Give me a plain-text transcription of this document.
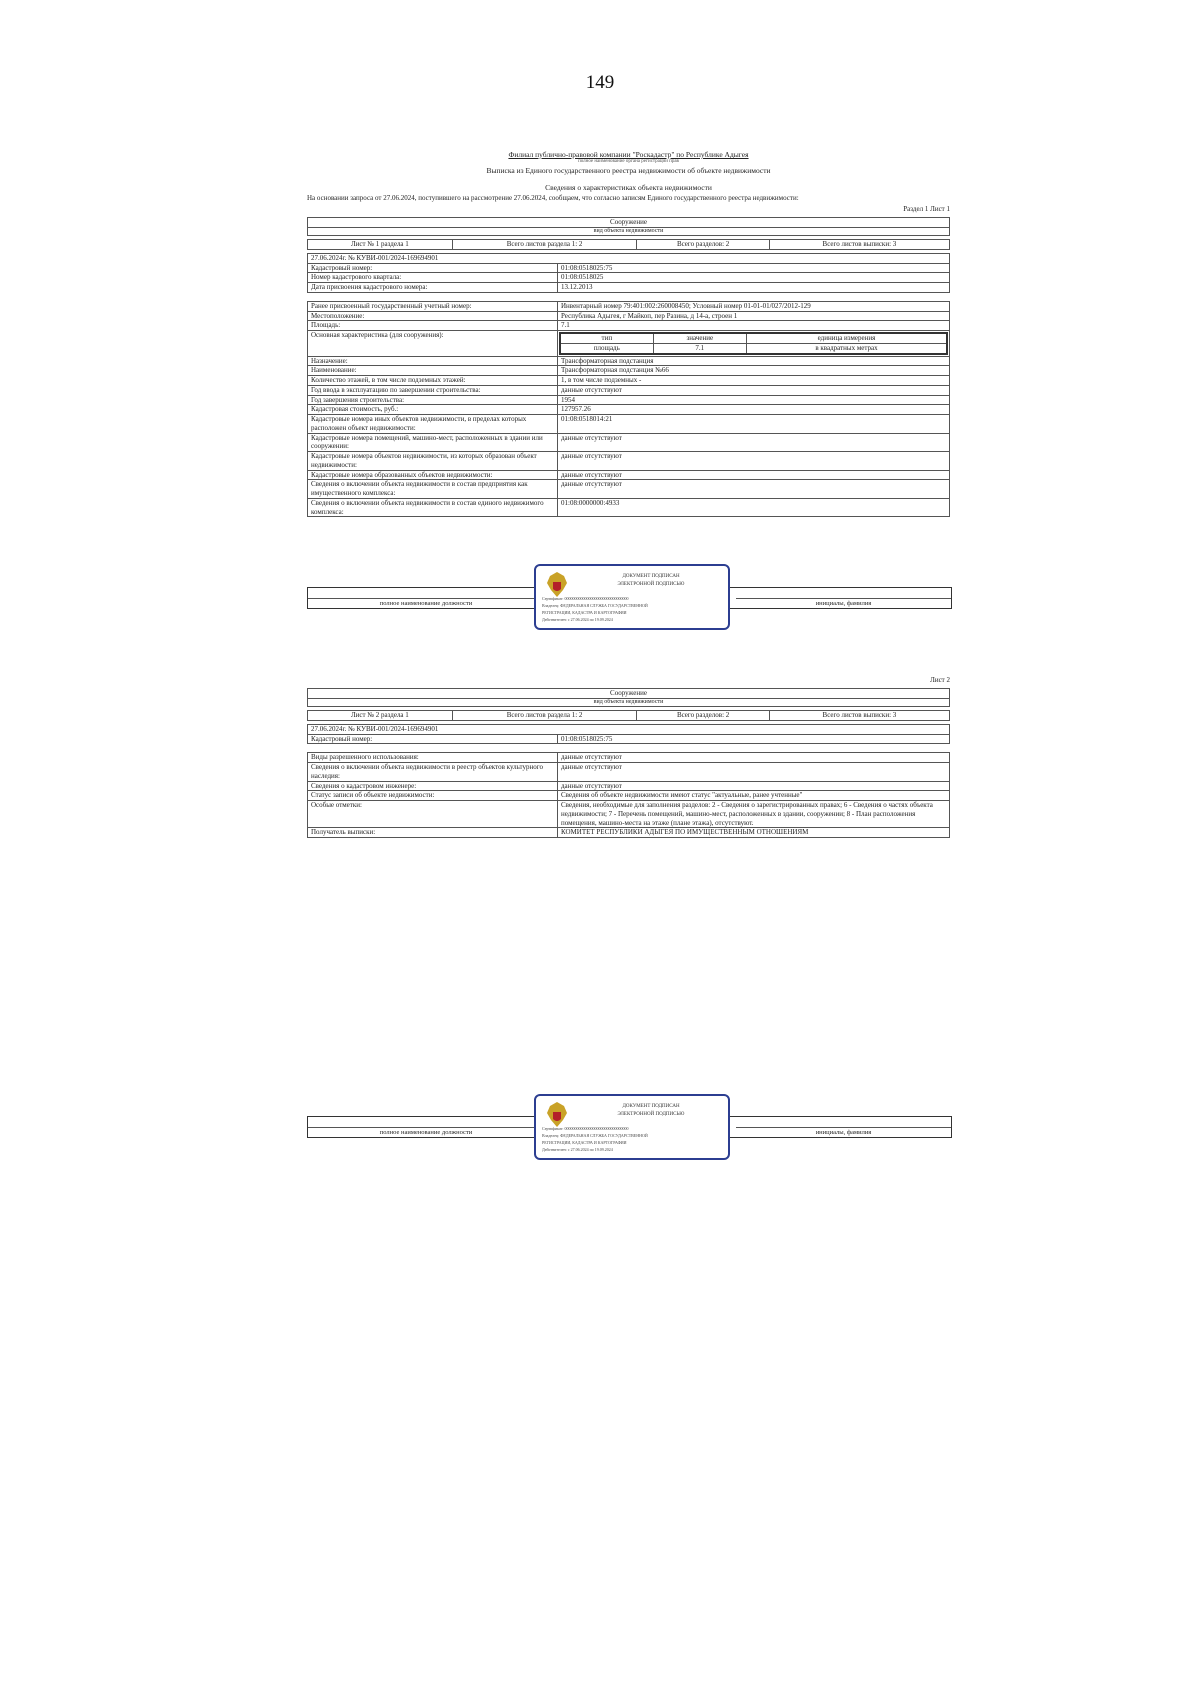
149
Филиал публично-правовой компании "Роскадастр" по Республике Адыгея
полное наименование органа регистрации прав
Выписка из Единого государственного реестра недвижимости об объекте недвижимости
Сведения о характеристиках объекта недвижимости
На основании запроса от 27.06.2024, поступившего на рассмотрение 27.06.2024, сообщаем, что согласно записям Единого государственного реестра недвижимости:
Раздел 1 Лист 1
Сооружение
вид объекта недвижимости
Лист № 1 раздела 1	Всего листов раздела 1: 2	Всего разделов: 2	Всего листов выписки: 3
27.06.2024г. № КУВИ-001/2024-169694901	
Кадастровый номер:	01:08:0518025:75
Номер кадастрового квартала:	01:08:0518025
Дата присвоения кадастрового номера:	13.12.2013
Ранее присвоенный государственный учетный номер:	Инвентарный номер 79:401:002:260008450; Условный номер 01-01-01/027/2012-129
Местоположение:	Республика Адыгея, г Майкоп, пер Разина, д 14-а, строен 1
Площадь:	7.1
Основная характеристика (для сооружения):		тип	значение	единица измерения
площадь	7.1	в квадратных метрах

Назначение:	Трансформаторная подстанция
Наименование:	Трансформаторная подстанция №66
Количество этажей, в том числе подземных этажей:	1, в том числе подземных -
Год ввода в эксплуатацию по завершении строительства:	данные отсутствуют
Год завершения строительства:	1954
Кадастровая стоимость, руб.:	127957.26
Кадастровые номера иных объектов недвижимости, в пределах которых расположен объект недвижимости:	01:08:0518014:21
Кадастровые номера помещений, машино-мест, расположенных в здании или сооружении:	данные отсутствуют
Кадастровые номера объектов недвижимости, из которых образован объект недвижимости:	данные отсутствуют
Кадастровые номера образованных объектов недвижимости:	данные отсутствуют
Сведения о включении объекта недвижимости в состав предприятия как имущественного комплекса:	данные отсутствуют
Сведения о включении объекта недвижимости в состав единого недвижимого комплекса:	01:08:0000000:4933
полное наименование должности	инициалы, фамилия
ДОКУМЕНТ ПОДПИСАН
ЭЛЕКТРОННОЙ ПОДПИСЬЮ
Сертификат: 00000000000000000000000000000000
Владелец: ФЕДЕРАЛЬНАЯ СЛУЖБА ГОСУДАРСТВЕННОЙ
РЕГИСТРАЦИИ, КАДАСТРА И КАРТОГРАФИИ
Действителен: с 27.06.2024 по 19.09.2024
Лист 2
Сооружение
вид объекта недвижимости
Лист № 2 раздела 1	Всего листов раздела 1: 2	Всего разделов: 2	Всего листов выписки: 3
27.06.2024г. № КУВИ-001/2024-169694901
Кадастровый номер:	01:08:0518025:75
Виды разрешенного использования:	данные отсутствуют
Сведения о включении объекта недвижимости в реестр объектов культурного наследия:	данные отсутствуют
Сведения о кадастровом инженере:	данные отсутствуют
Статус записи об объекте недвижимости:	Сведения об объекте недвижимости имеют статус "актуальные, ранее учтенные"
Особые отметки:	Сведения, необходимые для заполнения разделов: 2 - Сведения о зарегистрированных правах; 6 - Сведения о частях объекта недвижимости; 7 - Перечень помещений, машино-мест, расположенных в здании, сооружении; 8 - План расположения помещения, машино-места на этаже (плане этажа), отсутствуют.
Получатель выписки:	КОМИТЕТ РЕСПУБЛИКИ АДЫГЕЯ ПО ИМУЩЕСТВЕННЫМ ОТНОШЕНИЯМ
полное наименование должности	инициалы, фамилия
ДОКУМЕНТ ПОДПИСАН
ЭЛЕКТРОННОЙ ПОДПИСЬЮ
Сертификат: 00000000000000000000000000000000
Владелец: ФЕДЕРАЛЬНАЯ СЛУЖБА ГОСУДАРСТВЕННОЙ
РЕГИСТРАЦИИ, КАДАСТРА И КАРТОГРАФИИ
Действителен: с 27.06.2024 по 19.09.2024
